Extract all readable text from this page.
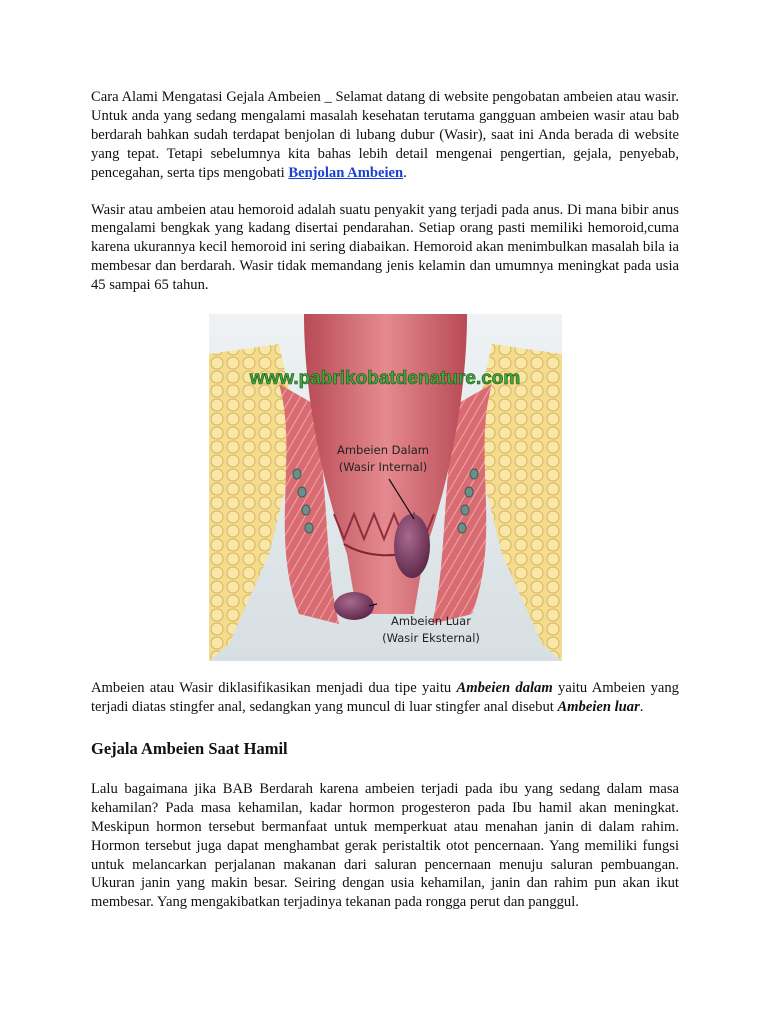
Cara Alami Mengatasi Gejala Ambeien _ Selamat datang di website pengobatan ambeien atau wasir. Untuk anda yang sedang mengalami masalah kesehatan terutama gangguan ambeien wasir atau bab berdarah bahkan sudah terdapat benjolan di lubang dubur (Wasir), saat ini Anda berada di website yang tepat. Tetapi sebelumnya kita bahas lebih detail mengenai pengertian, gejala, penyebab, pencegahan, serta tips mengobati Benjolan Ambeien.

Wasir atau ambeien atau hemoroid adalah suatu penyakit yang terjadi pada anus. Di mana bibir anus mengalami bengkak yang kadang disertai pendarahan. Setiap orang pasti memiliki hemoroid,cuma karena ukurannya kecil hemoroid ini sering diabaikan. Hemoroid akan menimbulkan masalah bila ia membesar dan berdarah. Wasir tidak memandang jenis kelamin dan umumnya meningkat pada usia 45 sampai 65 tahun.

www.pabrikobatdenature.com
Ambeien Dalam
(Wasir Internal)
Ambeien Luar
(Wasir Eksternal)

Ambeien atau Wasir diklasifikasikan menjadi dua tipe yaitu Ambeien dalam yaitu Ambeien yang terjadi diatas stingfer anal, sedangkan yang muncul di luar stingfer anal disebut Ambeien luar.

Gejala Ambeien Saat Hamil

Lalu bagaimana jika BAB Berdarah karena ambeien terjadi pada ibu yang sedang dalam masa kehamilan? Pada masa kehamilan, kadar hormon progesteron pada Ibu hamil akan meningkat. Meskipun hormon tersebut bermanfaat untuk memperkuat atau menahan janin di dalam rahim. Hormon tersebut juga dapat menghambat gerak peristaltik otot pencernaan. Yang memiliki fungsi untuk melancarkan perjalanan makanan dari saluran pencernaan menuju saluran pembuangan. Ukuran janin yang makin besar. Seiring dengan usia kehamilan, janin dan rahim pun akan ikut membesar. Yang mengakibatkan terjadinya tekanan pada rongga perut dan panggul.
